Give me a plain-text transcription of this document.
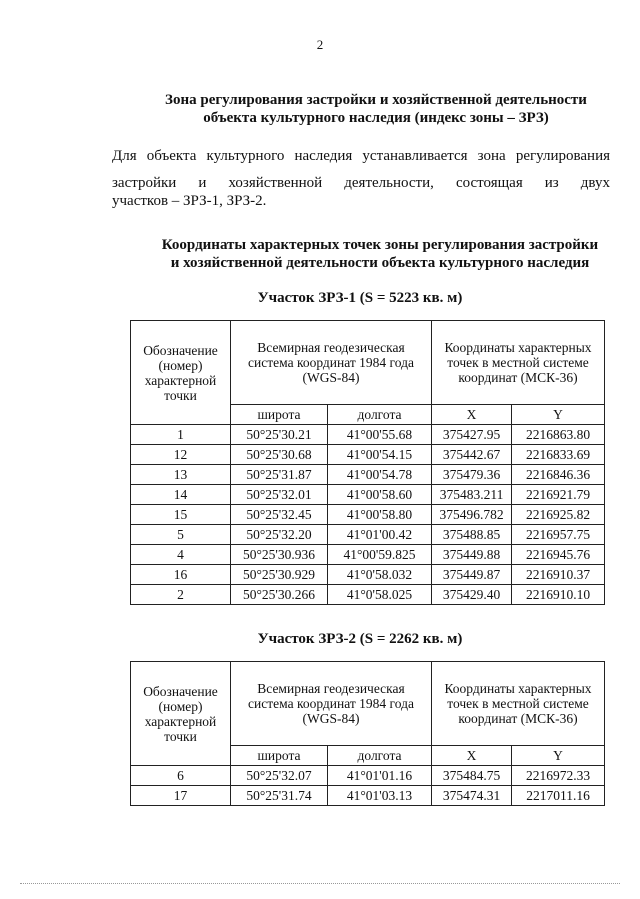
2
Зона регулирования застройки и хозяйственной деятельности
объекта культурного наследия (индекс зоны – ЗРЗ)
Для объекта культурного наследия устанавливается зона регулирования застройки и хозяйственной деятельности, состоящая из двух
участков – ЗРЗ-1, ЗРЗ-2.
Координаты характерных точек зоны регулирования застройки
и хозяйственной деятельности объекта культурного наследия
Участок ЗРЗ-1 (S = 5223 кв. м)
Обозначение (номер) характерной точки	Всемирная геодезическая система координат 1984 года (WGS-84)		Координаты характерных точек в местной системе координат (МСК-36)	
	широта	долгота	X	Y
1	50°25'30.21	41°00'55.68	375427.95	2216863.80
12	50°25'30.68	41°00'54.15	375442.67	2216833.69
13	50°25'31.87	41°00'54.78	375479.36	2216846.36
14	50°25'32.01	41°00'58.60	375483.211	2216921.79
15	50°25'32.45	41°00'58.80	375496.782	2216925.82
5	50°25'32.20	41°01'00.42	375488.85	2216957.75
4	50°25'30.936	41°00'59.825	375449.88	2216945.76
16	50°25'30.929	41°0'58.032	375449.87	2216910.37
2	50°25'30.266	41°0'58.025	375429.40	2216910.10
Участок ЗРЗ-2 (S = 2262 кв. м)
Обозначение (номер) характерной точки	Всемирная геодезическая система координат 1984 года (WGS-84)		Координаты характерных точек в местной системе координат (МСК-36)	
	широта	долгота	X	Y
6	50°25'32.07	41°01'01.16	375484.75	2216972.33
17	50°25'31.74	41°01'03.13	375474.31	2217011.16
